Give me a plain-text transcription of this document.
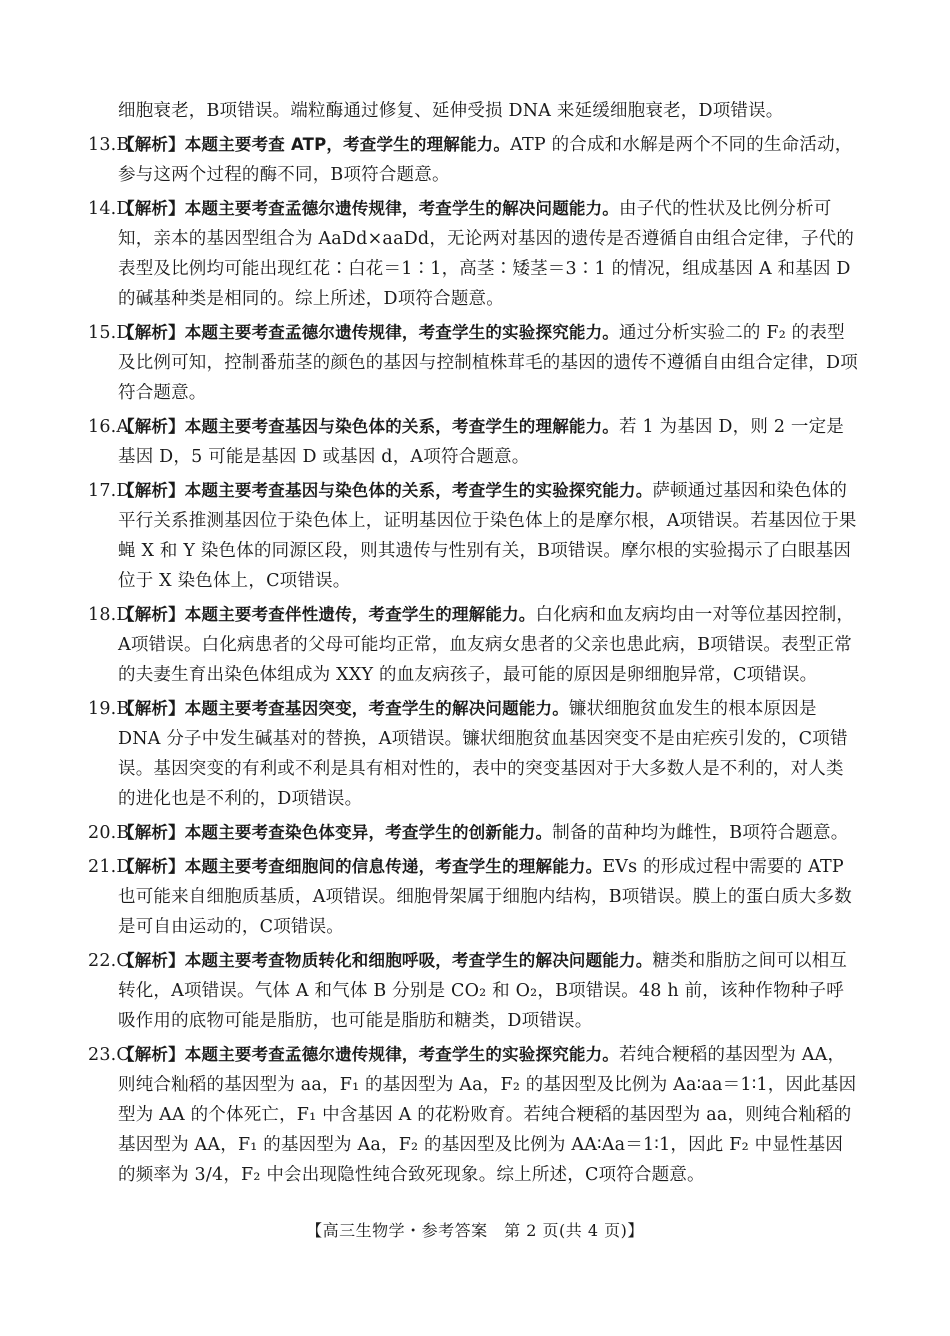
细胞衰老，B项错误。端粒酶通过修复、延伸受损 DNA 来延缓细胞衰老，D项错误。
13.B
【解析】本题主要考查 ATP，考查学生的理解能力。ATP 的合成和水解是两个不同的生命活动，参与这两个过程的酶不同，B项符合题意。
14.D
【解析】本题主要考查孟德尔遗传规律，考查学生的解决问题能力。由子代的性状及比例分析可知，亲本的基因型组合为 AaDd×aaDd，无论两对基因的遗传是否遵循自由组合定律，子代的表型及比例均可能出现红花∶白花＝1∶1，高茎∶矮茎＝3∶1 的情况，组成基因 A 和基因 D 的碱基种类是相同的。综上所述，D项符合题意。
15.D
【解析】本题主要考查孟德尔遗传规律，考查学生的实验探究能力。通过分析实验二的 F₂ 的表型及比例可知，控制番茄茎的颜色的基因与控制植株茸毛的基因的遗传不遵循自由组合定律，D项符合题意。
16.A
【解析】本题主要考查基因与染色体的关系，考查学生的理解能力。若 1 为基因 D，则 2 一定是基因 D，5 可能是基因 D 或基因 d，A项符合题意。
17.D
【解析】本题主要考查基因与染色体的关系，考查学生的实验探究能力。萨顿通过基因和染色体的平行关系推测基因位于染色体上，证明基因位于染色体上的是摩尔根，A项错误。若基因位于果蝇 X 和 Y 染色体的同源区段，则其遗传与性别有关，B项错误。摩尔根的实验揭示了白眼基因位于 X 染色体上，C项错误。
18.D
【解析】本题主要考查伴性遗传，考查学生的理解能力。白化病和血友病均由一对等位基因控制，A项错误。白化病患者的父母可能均正常，血友病女患者的父亲也患此病，B项错误。表型正常的夫妻生育出染色体组成为 XXY 的血友病孩子，最可能的原因是卵细胞异常，C项错误。
19.B
【解析】本题主要考查基因突变，考查学生的解决问题能力。镰状细胞贫血发生的根本原因是 DNA 分子中发生碱基对的替换，A项错误。镰状细胞贫血基因突变不是由疟疾引发的，C项错误。基因突变的有利或不利是具有相对性的，表中的突变基因对于大多数人是不利的，对人类的进化也是不利的，D项错误。
20.B
【解析】本题主要考查染色体变异，考查学生的创新能力。制备的苗种均为雌性，B项符合题意。
21.D
【解析】本题主要考查细胞间的信息传递，考查学生的理解能力。EVs 的形成过程中需要的 ATP 也可能来自细胞质基质，A项错误。细胞骨架属于细胞内结构，B项错误。膜上的蛋白质大多数是可自由运动的，C项错误。
22.C
【解析】本题主要考查物质转化和细胞呼吸，考查学生的解决问题能力。糖类和脂肪之间可以相互转化，A项错误。气体 A 和气体 B 分别是 CO₂ 和 O₂，B项错误。48 h 前，该种作物种子呼吸作用的底物可能是脂肪，也可能是脂肪和糖类，D项错误。
23.C
【解析】本题主要考查孟德尔遗传规律，考查学生的实验探究能力。若纯合粳稻的基因型为 AA，则纯合籼稻的基因型为 aa，F₁ 的基因型为 Aa，F₂ 的基因型及比例为 Aa∶aa＝1∶1，因此基因型为 AA 的个体死亡，F₁ 中含基因 A 的花粉败育。若纯合粳稻的基因型为 aa，则纯合籼稻的基因型为 AA，F₁ 的基因型为 Aa，F₂ 的基因型及比例为 AA∶Aa＝1∶1，因此 F₂ 中显性基因的频率为 3/4，F₂ 中会出现隐性纯合致死现象。综上所述，C项符合题意。
【高三生物学・参考答案　第 2 页(共 4 页)】
